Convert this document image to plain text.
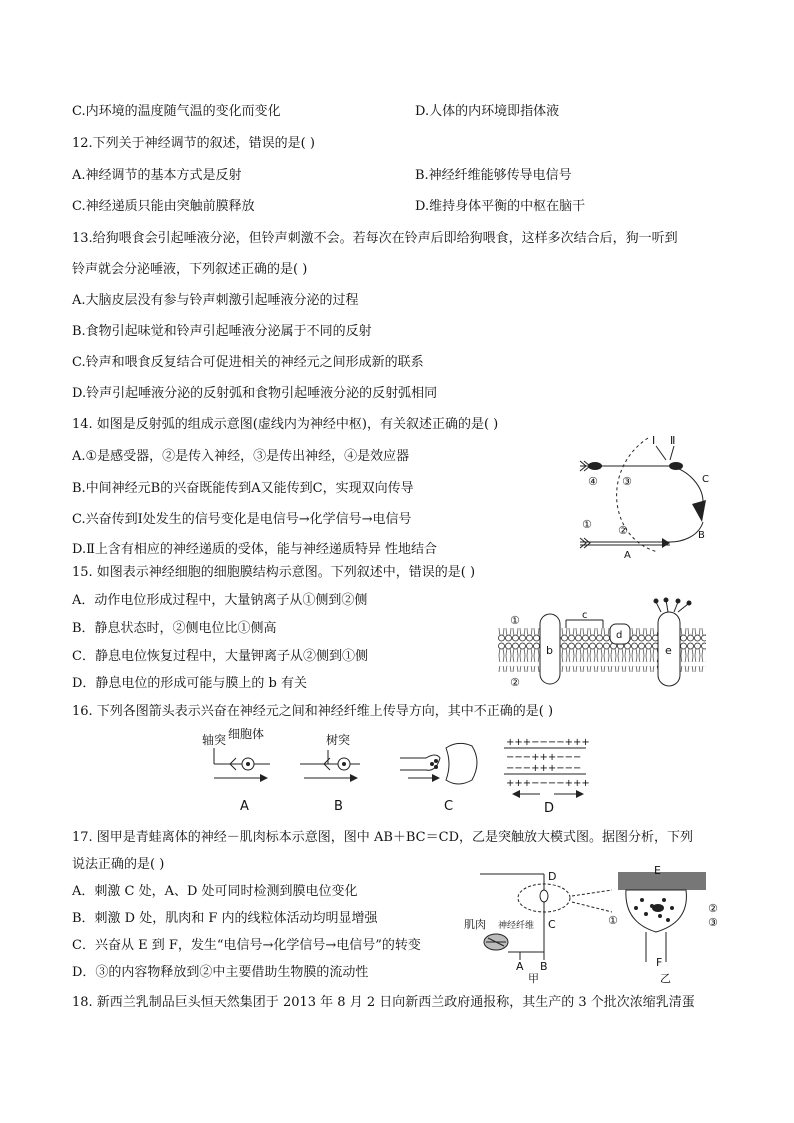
C.内环境的温度随气温的变化而变化	D.人体的内环境即指体液
12.下列关于神经调节的叙述，错误的是( )
A.神经调节的基本方式是反射	B.神经纤维能够传导电信号
C.神经递质只能由突触前膜释放	D.维持身体平衡的中枢在脑干
13.给狗喂食会引起唾液分泌，但铃声刺激不会。若每次在铃声后即给狗喂食，这样多次结合后，狗一听到
铃声就会分泌唾液，下列叙述正确的是( )
A.大脑皮层没有参与铃声刺激引起唾液分泌的过程
B.食物引起味觉和铃声引起唾液分泌属于不同的反射
C.铃声和喂食反复结合可促进相关的神经元之间形成新的联系
D.铃声引起唾液分泌的反射弧和食物引起唾液分泌的反射弧相同
14. 如图是反射弧的组成示意图(虚线内为神经中枢)，有关叙述正确的是( )
A.①是感受器，②是传入神经，③是传出神经，④是效应器
B.中间神经元B的兴奋既能传到A又能传到C，实现双向传导
C.兴奋传到Ⅰ处发生的信号变化是电信号→化学信号→电信号
D.Ⅱ上含有相应的神经递质的受体，能与神经递质特异 性地结合
Ⅰ Ⅱ
④ ③
① ②
A
B
C
15. 如图表示神经细胞的细胞膜结构示意图。下列叙述中，错误的是( )
A．动作电位形成过程中，大量钠离子从①侧到②侧
B．静息状态时，②侧电位比①侧高
C．静息电位恢复过程中，大量钾离子从②侧到①侧
D．静息电位的形成可能与膜上的 b 有关
①
②
b
c
d
e
16. 下列各图箭头表示兴奋在神经元之间和神经纤维上传导方向，其中不正确的是( )
轴突 细胞体
A
树突
B	C
+++−−−−+++
−−−+++−−−
−−−+++−−−
+++−−−−+++
D
17. 图甲是青蛙离体的神经－肌肉标本示意图，图中 AB＋BC＝CD，乙是突触放大模式图。据图分析，下列
说法正确的是( )
A．刺激 C 处，A、D 处可同时检测到膜电位变化
B．刺激 D 处，肌肉和 F 内的线粒体活动均明显增强
C．兴奋从 E 到 F，发生“电信号→化学信号→电信号”的转变
D．③的内容物释放到②中主要借助生物膜的流动性
D
C
A B
肌肉 神经纤维
甲
E
F
①
②
③
乙
18. 新西兰乳制品巨头恒天然集团于 2013 年 8 月 2 日向新西兰政府通报称，其生产的 3 个批次浓缩乳清蛋
